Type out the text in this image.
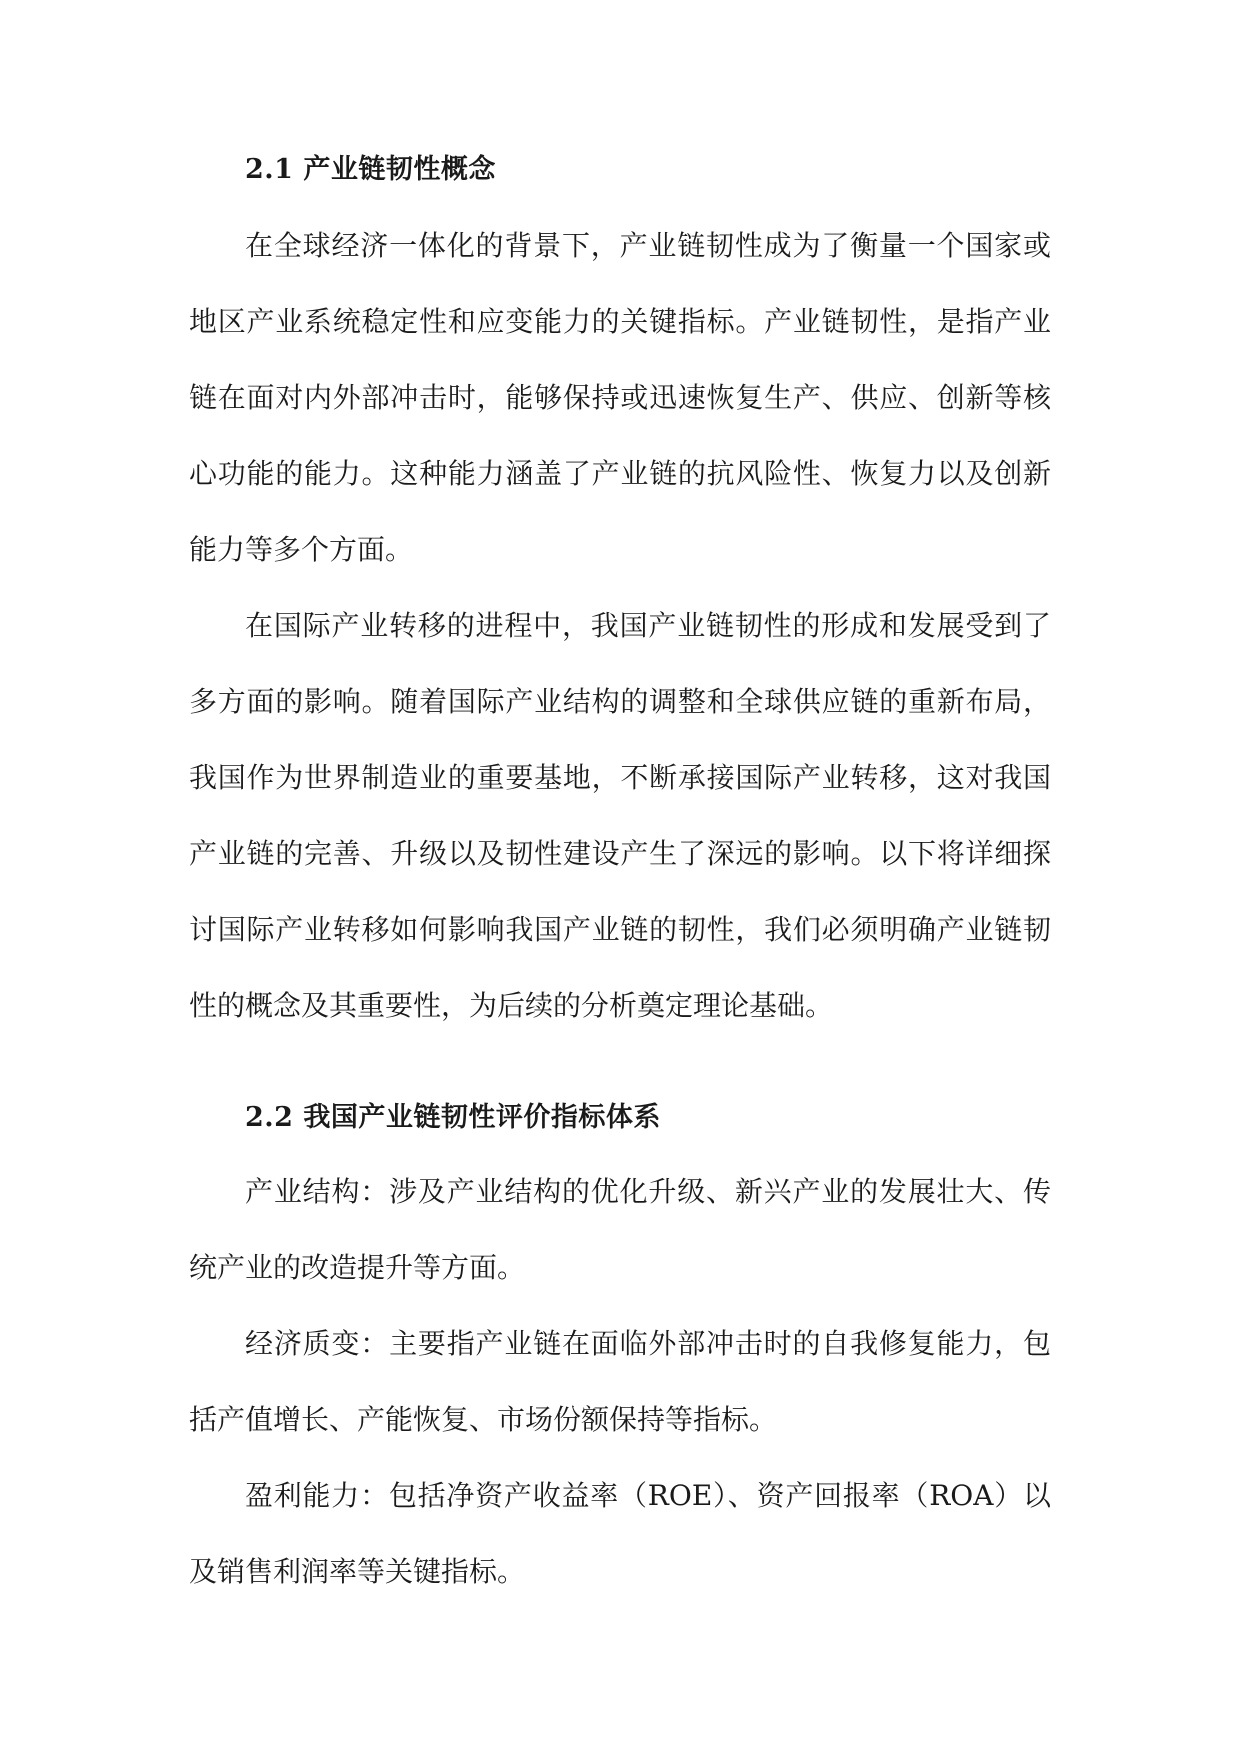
2.1 产业链韧性概念

在全球经济一体化的背景下，产业链韧性成为了衡量一个国家或地区产业系统稳定性和应变能力的关键指标。产业链韧性，是指产业链在面对内外部冲击时，能够保持或迅速恢复生产、供应、创新等核心功能的能力。这种能力涵盖了产业链的抗风险性、恢复力以及创新能力等多个方面。

在国际产业转移的进程中，我国产业链韧性的形成和发展受到了多方面的影响。随着国际产业结构的调整和全球供应链的重新布局，我国作为世界制造业的重要基地，不断承接国际产业转移，这对我国产业链的完善、升级以及韧性建设产生了深远的影响。以下将详细探讨国际产业转移如何影响我国产业链的韧性，我们必须明确产业链韧性的概念及其重要性，为后续的分析奠定理论基础。

2.2 我国产业链韧性评价指标体系

产业结构：涉及产业结构的优化升级、新兴产业的发展壮大、传统产业的改造提升等方面。

经济质变：主要指产业链在面临外部冲击时的自我修复能力，包括产值增长、产能恢复、市场份额保持等指标。

盈利能力：包括净资产收益率（ROE）、资产回报率（ROA）以及销售利润率等关键指标。
